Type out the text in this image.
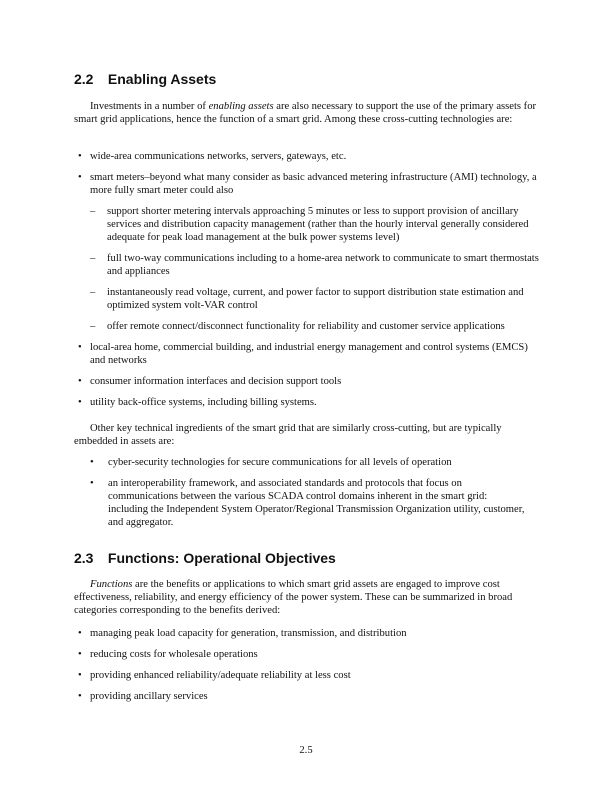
2.2 Enabling Assets

Investments in a number of enabling assets are also necessary to support the use of the primary assets for smart grid applications, hence the function of a smart grid. Among these cross-cutting technologies are:

• wide-area communications networks, servers, gateways, etc.
• smart meters–beyond what many consider as basic advanced metering infrastructure (AMI) technology, a more fully smart meter could also
– support shorter metering intervals approaching 5 minutes or less to support provision of ancillary services and distribution capacity management (rather than the hourly interval generally considered adequate for peak load management at the bulk power systems level)
– full two-way communications including to a home-area network to communicate to smart thermostats and appliances
– instantaneously read voltage, current, and power factor to support distribution state estimation and optimized system volt-VAR control
– offer remote connect/disconnect functionality for reliability and customer service applications
• local-area home, commercial building, and industrial energy management and control systems (EMCS) and networks
• consumer information interfaces and decision support tools
• utility back-office systems, including billing systems.

Other key technical ingredients of the smart grid that are similarly cross-cutting, but are typically embedded in assets are:

• cyber-security technologies for secure communications for all levels of operation
• an interoperability framework, and associated standards and protocols that focus on communications between the various SCADA control domains inherent in the smart grid: including the Independent System Operator/Regional Transmission Organization utility, customer, and aggregator.
2.3 Functions: Operational Objectives

Functions are the benefits or applications to which smart grid assets are engaged to improve cost effectiveness, reliability, and energy efficiency of the power system. These can be summarized in broad categories corresponding to the benefits derived:

• managing peak load capacity for generation, transmission, and distribution
• reducing costs for wholesale operations
• providing enhanced reliability/adequate reliability at less cost
• providing ancillary services

2.5
